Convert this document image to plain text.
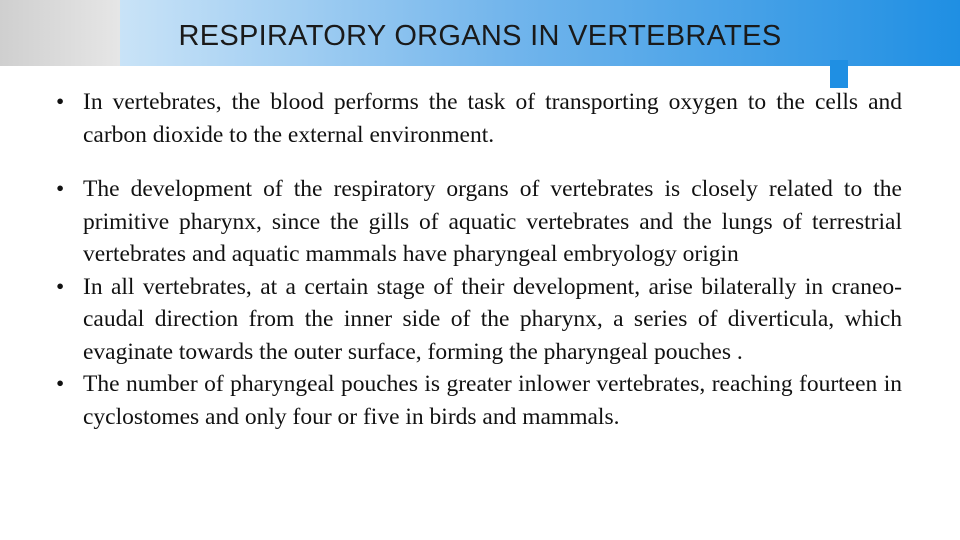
RESPIRATORY ORGANS IN VERTEBRATES
• In vertebrates, the blood performs the task of transporting oxygen to the cells and carbon dioxide to the external environment.
• The development of the respiratory organs of vertebrates is closely related to the primitive pharynx, since the gills of aquatic vertebrates and the lungs of terrestrial vertebrates and aquatic mammals have pharyngeal embryology origin
• In all vertebrates, at a certain stage of their development, arise bilaterally in craneo-caudal direction from the inner side of the pharynx, a series of diverticula, which evaginate towards the outer surface, forming the pharyngeal pouches .
• The number of pharyngeal pouches is greater inlower vertebrates, reaching fourteen in cyclostomes and only four or five in birds and mammals.
